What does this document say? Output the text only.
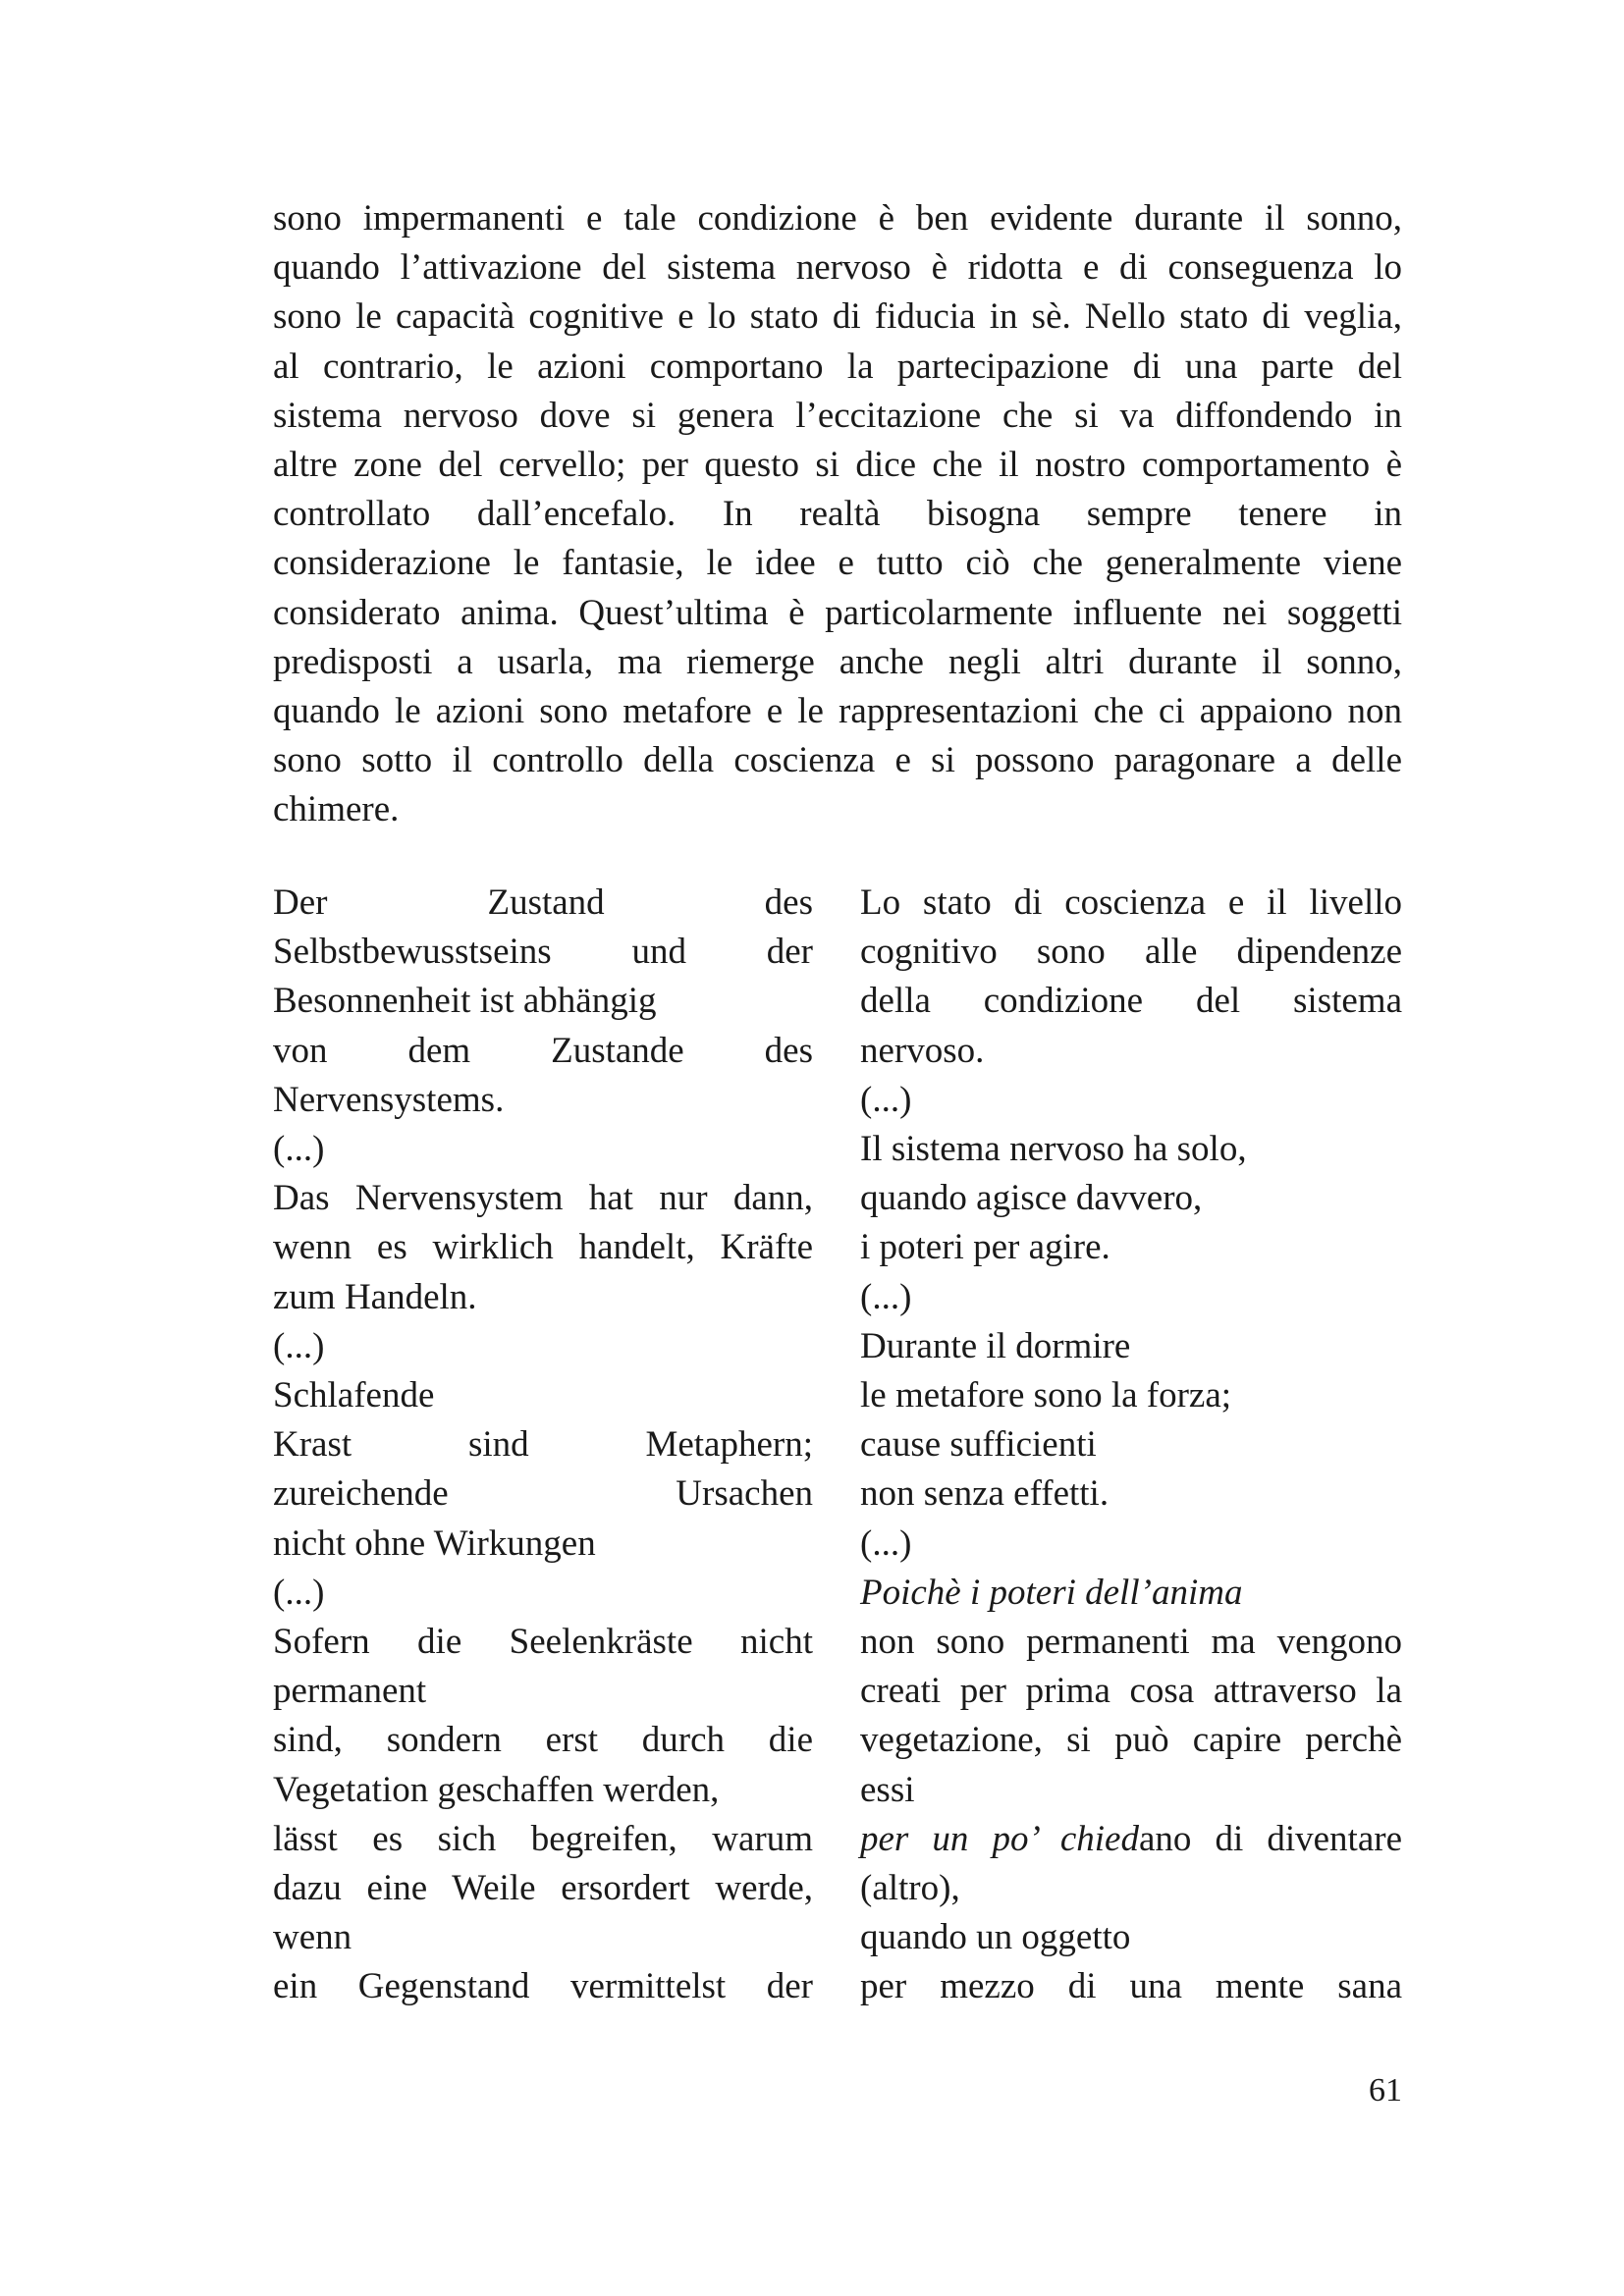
sono impermanenti e tale condizione è ben evidente durante il sonno,
quando l’attivazione del sistema nervoso è ridotta e di conseguenza lo
sono le capacità cognitive e lo stato di fiducia in sè. Nello stato di veglia,
al contrario, le azioni comportano la partecipazione di una parte del
sistema nervoso dove si genera l’eccitazione che si va diffondendo in
altre zone del cervello; per questo si dice che il nostro comportamento è
controllato dall’encefalo. In realtà bisogna sempre tenere in
considerazione le fantasie, le idee e tutto ciò che generalmente viene
considerato anima. Quest’ultima è particolarmente influente nei soggetti
predisposti a usarla, ma riemerge anche negli altri durante il sonno,
quando le azioni sono metafore e le rappresentazioni che ci appaiono non
sono sotto il controllo della coscienza e si possono paragonare a delle
chimere.
Der Zustand des
Selbstbewusstseins und der
Besonnenheit ist abhängig
von dem Zustande des
Nervensystems.
(...)
Das Nervensystem hat nur dann,
wenn es wirklich handelt, Kräfte
zum Handeln.
(...)
Schlafende
Krast sind Metaphern;
zureichende Ursachen
nicht ohne Wirkungen
(...)
Sofern die Seelenkräste nicht
permanent
sind, sondern erst durch die
Vegetation geschaffen werden,
lässt es sich begreifen, warum
dazu eine Weile ersordert werde,
wenn
ein Gegenstand vermittelst der
Lo stato di coscienza e il livello
cognitivo sono alle dipendenze
della condizione del sistema
nervoso.
(...)
Il sistema nervoso ha solo,
quando agisce davvero,
i poteri per agire.
(...)
Durante il dormire
le metafore sono la forza;
cause sufficienti
non senza effetti.
(...)
Poichè i poteri dell’anima
non sono permanenti ma vengono
creati per prima cosa attraverso la
vegetazione, si può capire perchè
essi
per un po’ chiedano di diventare
(altro),
quando un oggetto
per mezzo di una mente sana
61
